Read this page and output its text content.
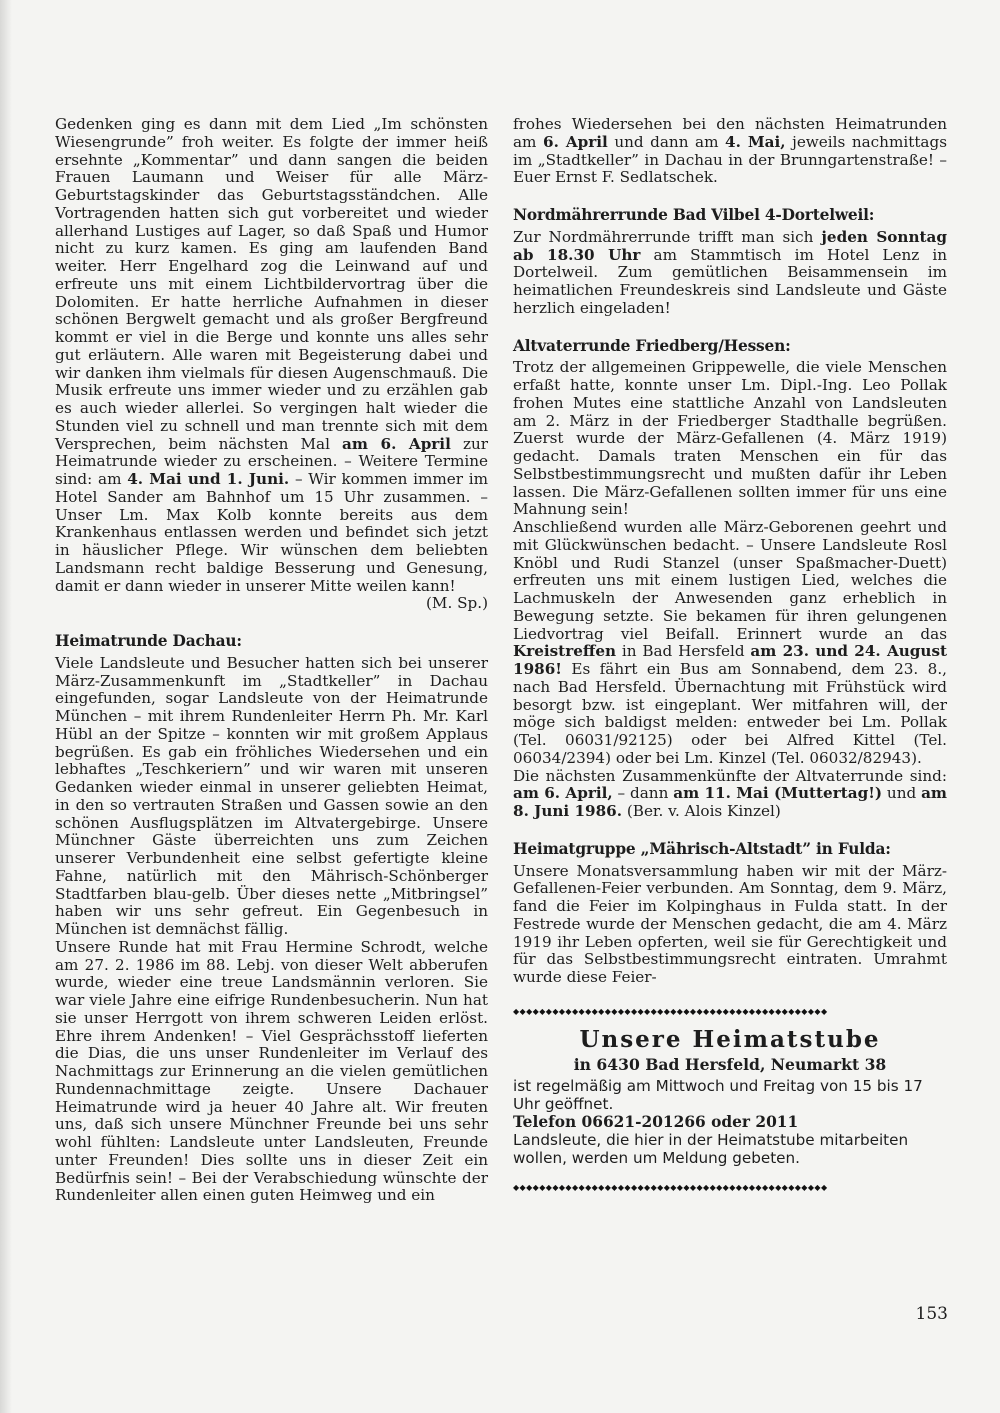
Gedenken ging es dann mit dem Lied „Im schönsten Wiesengrunde” froh weiter. Es folgte der immer heiß ersehnte „Kommentar” und dann sangen die beiden Frauen Laumann und Weiser für alle März-Geburtstagskinder das Geburtstagsständchen. Alle Vortragenden hatten sich gut vorbereitet und wieder allerhand Lustiges auf Lager, so daß Spaß und Humor nicht zu kurz kamen. Es ging am laufenden Band weiter. Herr Engelhard zog die Leinwand auf und erfreute uns mit einem Lichtbildervortrag über die Dolomiten. Er hatte herrliche Aufnahmen in dieser schönen Bergwelt gemacht und als großer Bergfreund kommt er viel in die Berge und konnte uns alles sehr gut erläutern. Alle waren mit Begeisterung dabei und wir danken ihm vielmals für diesen Augenschmauß. Die Musik erfreute uns immer wieder und zu erzählen gab es auch wieder allerlei. So vergingen halt wieder die Stunden viel zu schnell und man trennte sich mit dem Versprechen, beim nächsten Mal am 6. April zur Heimatrunde wieder zu erscheinen. – Weitere Termine sind: am 4. Mai und 1. Juni. – Wir kommen immer im Hotel Sander am Bahnhof um 15 Uhr zusammen. – Unser Lm. Max Kolb konnte bereits aus dem Krankenhaus entlassen werden und befindet sich jetzt in häuslicher Pflege. Wir wünschen dem beliebten Landsmann recht baldige Besserung und Genesung, damit er dann wieder in unserer Mitte weilen kann!
(M. Sp.)

Heimatrunde Dachau:

Viele Landsleute und Besucher hatten sich bei unserer März-Zusammenkunft im „Stadtkeller” in Dachau eingefunden, sogar Landsleute von der Heimatrunde München – mit ihrem Rundenleiter Herrn Ph. Mr. Karl Hübl an der Spitze – konnten wir mit großem Applaus begrüßen. Es gab ein fröhliches Wiedersehen und ein lebhaftes „Teschkeriern” und wir waren mit unseren Gedanken wieder einmal in unserer geliebten Heimat, in den so vertrauten Straßen und Gassen sowie an den schönen Ausflugsplätzen im Altvatergebirge. Unsere Münchner Gäste überreichten uns zum Zeichen unserer Verbundenheit eine selbst gefertigte kleine Fahne, natürlich mit den Mährisch-Schönberger Stadtfarben blau-gelb. Über dieses nette „Mitbringsel” haben wir uns sehr gefreut. Ein Gegenbesuch in München ist demnächst fällig.

Unsere Runde hat mit Frau Hermine Schrodt, welche am 27. 2. 1986 im 88. Lebj. von dieser Welt abberufen wurde, wieder eine treue Landsmännin verloren. Sie war viele Jahre eine eifrige Rundenbesucherin. Nun hat sie unser Herrgott von ihrem schweren Leiden erlöst. Ehre ihrem Andenken! – Viel Gesprächsstoff lieferten die Dias, die uns unser Rundenleiter im Verlauf des Nachmittags zur Erinnerung an die vielen gemütlichen Rundennachmittage zeigte. Unsere Dachauer Heimatrunde wird ja heuer 40 Jahre alt. Wir freuten uns, daß sich unsere Münchner Freunde bei uns sehr wohl fühlten: Landsleute unter Landsleuten, Freunde unter Freunden! Dies sollte uns in dieser Zeit ein Bedürfnis sein! – Bei der Verabschiedung wünschte der Rundenleiter allen einen guten Heimweg und ein

frohes Wiedersehen bei den nächsten Heimatrunden am 6. April und dann am 4. Mai, jeweils nachmittags im „Stadtkeller” in Dachau in der Brunngartenstraße! – Euer Ernst F. Sedlatschek.

Nordmährerrunde Bad Vilbel 4-Dortelweil:

Zur Nordmährerrunde trifft man sich jeden Sonntag ab 18.30 Uhr am Stammtisch im Hotel Lenz in Dortelweil. Zum gemütlichen Beisammensein im heimatlichen Freundeskreis sind Landsleute und Gäste herzlich eingeladen!

Altvaterrunde Friedberg/Hessen:

Trotz der allgemeinen Grippewelle, die viele Menschen erfaßt hatte, konnte unser Lm. Dipl.-Ing. Leo Pollak frohen Mutes eine stattliche Anzahl von Landsleuten am 2. März in der Friedberger Stadthalle begrüßen. Zuerst wurde der März-Gefallenen (4. März 1919) gedacht. Damals traten Menschen ein für das Selbstbestimmungsrecht und mußten dafür ihr Leben lassen. Die März-Gefallenen sollten immer für uns eine Mahnung sein!

Anschließend wurden alle März-Geborenen geehrt und mit Glückwünschen bedacht. – Unsere Landsleute Rosl Knöbl und Rudi Stanzel (unser Spaßmacher-Duett) erfreuten uns mit einem lustigen Lied, welches die Lachmuskeln der Anwesenden ganz erheblich in Bewegung setzte. Sie bekamen für ihren gelungenen Liedvortrag viel Beifall. Erinnert wurde an das Kreistreffen in Bad Hersfeld am 23. und 24. August 1986! Es fährt ein Bus am Sonnabend, dem 23. 8., nach Bad Hersfeld. Übernachtung mit Frühstück wird besorgt bzw. ist eingeplant. Wer mitfahren will, der möge sich baldigst melden: entweder bei Lm. Pollak (Tel. 06031/92125) oder bei Alfred Kittel (Tel. 06034/2394) oder bei Lm. Kinzel (Tel. 06032/82943).

Die nächsten Zusammenkünfte der Altvaterrunde sind: am 6. April, – dann am 11. Mai (Muttertag!) und am 8. Juni 1986. (Ber. v. Alois Kinzel)

Heimatgruppe „Mährisch-Altstadt” in Fulda:

Unsere Monatsversammlung haben wir mit der März-Gefallenen-Feier verbunden. Am Sonntag, dem 9. März, fand die Feier im Kolpinghaus in Fulda statt. In der Festrede wurde der Menschen gedacht, die am 4. März 1919 ihr Leben opferten, weil sie für Gerechtigkeit und für das Selbstbestimmungsrecht eintraten. Umrahmt wurde diese Feier-

◆◆◆◆◆◆◆◆◆◆◆◆◆◆◆◆◆◆◆◆◆◆◆◆◆◆◆◆◆◆◆◆◆◆◆◆◆◆◆◆◆◆◆◆◆◆◆◆
Unsere Heimatstube
in 6430 Bad Hersfeld, Neumarkt 38
ist regelmäßig am Mittwoch und Freitag von 15 bis 17 Uhr geöffnet.
Telefon 06621-201266 oder 2011
Landsleute, die hier in der Heimatstube mitarbeiten wollen, werden um Meldung gebeten.
◆◆◆◆◆◆◆◆◆◆◆◆◆◆◆◆◆◆◆◆◆◆◆◆◆◆◆◆◆◆◆◆◆◆◆◆◆◆◆◆◆◆◆◆◆◆◆◆
153
